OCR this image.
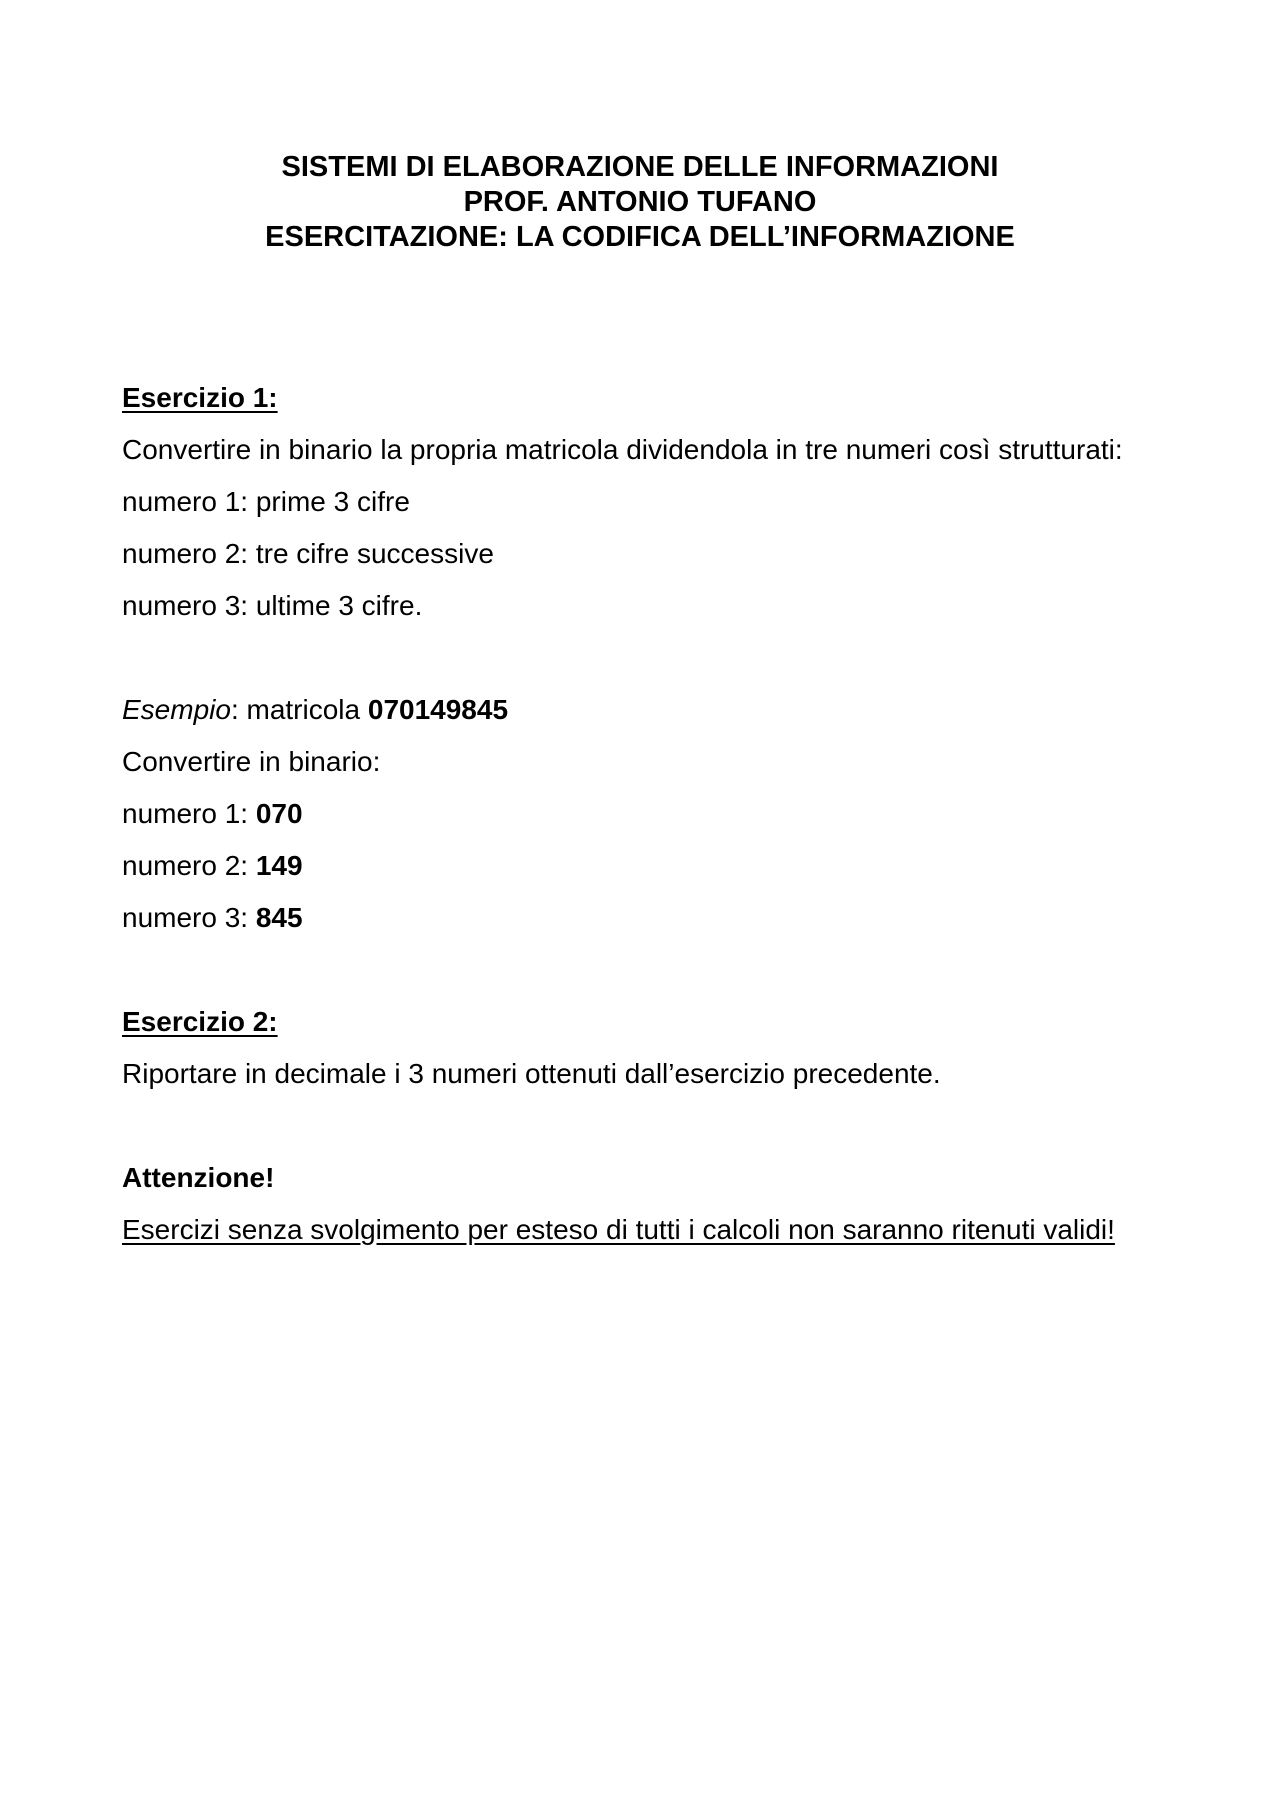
SISTEMI DI ELABORAZIONE DELLE INFORMAZIONI
PROF. ANTONIO TUFANO
ESERCITAZIONE: LA CODIFICA DELL’INFORMAZIONE
Esercizio 1:
Convertire in binario la propria matricola dividendola in tre numeri così strutturati:
numero 1: prime 3 cifre
numero 2: tre cifre successive
numero 3: ultime 3 cifre.
Esempio: matricola 070149845
Convertire in binario:
numero 1: 070
numero 2: 149
numero 3: 845
Esercizio 2:
Riportare in decimale i 3 numeri ottenuti dall’esercizio precedente.
Attenzione!
Esercizi senza svolgimento per esteso di tutti i calcoli non saranno ritenuti validi!
